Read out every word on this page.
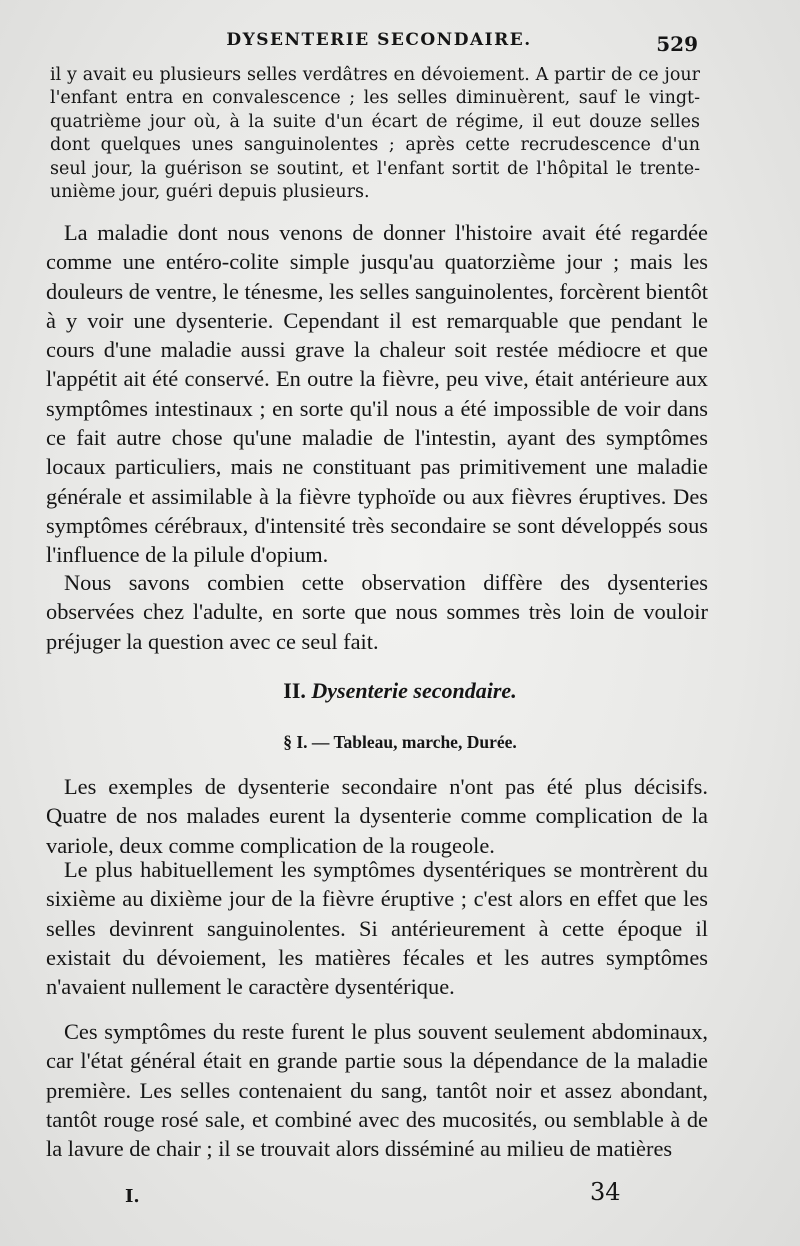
DYSENTERIE SECONDAIRE.	529
il y avait eu plusieurs selles verdâtres en dévoiement. A partir de ce jour l'enfant entra en convalescence ; les selles diminuèrent, sauf le vingt-quatrième jour où, à la suite d'un écart de régime, il eut douze selles dont quelques unes sanguinolentes ; après cette recrudescence d'un seul jour, la guérison se soutint, et l'enfant sortit de l'hôpital le trente-unième jour, guéri depuis plusieurs.

La maladie dont nous venons de donner l'histoire avait été regardée comme une entéro-colite simple jusqu'au quatorzième jour ; mais les douleurs de ventre, le ténesme, les selles sanguinolentes, forcèrent bientôt à y voir une dysenterie. Cependant il est remarquable que pendant le cours d'une maladie aussi grave la chaleur soit restée médiocre et que l'appétit ait été conservé. En outre la fièvre, peu vive, était antérieure aux symptômes intestinaux ; en sorte qu'il nous a été impossible de voir dans ce fait autre chose qu'une maladie de l'intestin, ayant des symptômes locaux particuliers, mais ne constituant pas primitivement une maladie générale et assimilable à la fièvre typhoïde ou aux fièvres éruptives. Des symptômes cérébraux, d'intensité très secondaire se sont développés sous l'influence de la pilule d'opium.

Nous savons combien cette observation diffère des dysenteries observées chez l'adulte, en sorte que nous sommes très loin de vouloir préjuger la question avec ce seul fait.

II. Dysenterie secondaire.
§ I. — Tableau, marche, Durée.

Les exemples de dysenterie secondaire n'ont pas été plus décisifs. Quatre de nos malades eurent la dysenterie comme complication de la variole, deux comme complication de la rougeole.

Le plus habituellement les symptômes dysentériques se montrèrent du sixième au dixième jour de la fièvre éruptive ; c'est alors en effet que les selles devinrent sanguinolentes. Si antérieurement à cette époque il existait du dévoiement, les matières fécales et les autres symptômes n'avaient nullement le caractère dysentérique.

Ces symptômes du reste furent le plus souvent seulement abdominaux, car l'état général était en grande partie sous la dépendance de la maladie première. Les selles contenaient du sang, tantôt noir et assez abondant, tantôt rouge rosé sale, et combiné avec des mucosités, ou semblable à de la lavure de chair ; il se trouvait alors disséminé au milieu de matières

I.	34
